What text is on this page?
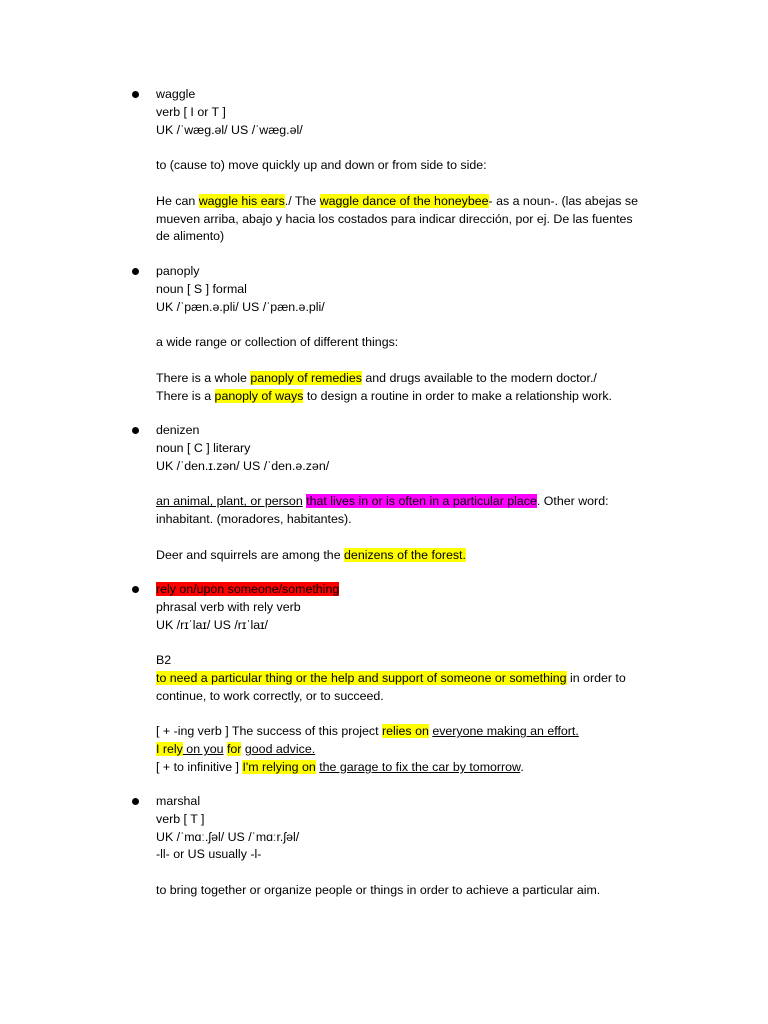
waggle
verb [ I or T ]
UK /ˈwæɡ.əl/ US /ˈwæɡ.əl/
to (cause to) move quickly up and down or from side to side:
He can waggle his ears./ The waggle dance of the honeybee- as a noun-. (las abejas se
mueven arriba, abajo y hacia los costados para indicar dirección, por ej. De las fuentes
de alimento)
panoply
noun [ S ] formal
UK /ˈpæn.ə.pli/ US /ˈpæn.ə.pli/
a wide range or collection of different things:
There is a whole panoply of remedies and drugs available to the modern doctor./
There is a panoply of ways to design a routine in order to make a relationship work.
denizen
noun [ C ] literary
UK /ˈden.ɪ.zən/ US /ˈden.ə.zən/
an animal, plant, or person that lives in or is often in a particular place. Other word:
inhabitant. (moradores, habitantes).
Deer and squirrels are among the denizens of the forest.
rely on/upon someone/something
phrasal verb with rely verb
UK /rɪˈlaɪ/ US /rɪˈlaɪ/
B2
to need a particular thing or the help and support of someone or something in order to
continue, to work correctly, or to succeed.
[ + -ing verb ] The success of this project relies on everyone making an effort.
I rely on you for good advice.
[ + to infinitive ] I'm relying on the garage to fix the car by tomorrow.
marshal
verb [ T ]
UK /ˈmɑː.ʃəl/ US /ˈmɑːr.ʃəl/
-ll- or US usually -l-
to bring together or organize people or things in order to achieve a particular aim.
